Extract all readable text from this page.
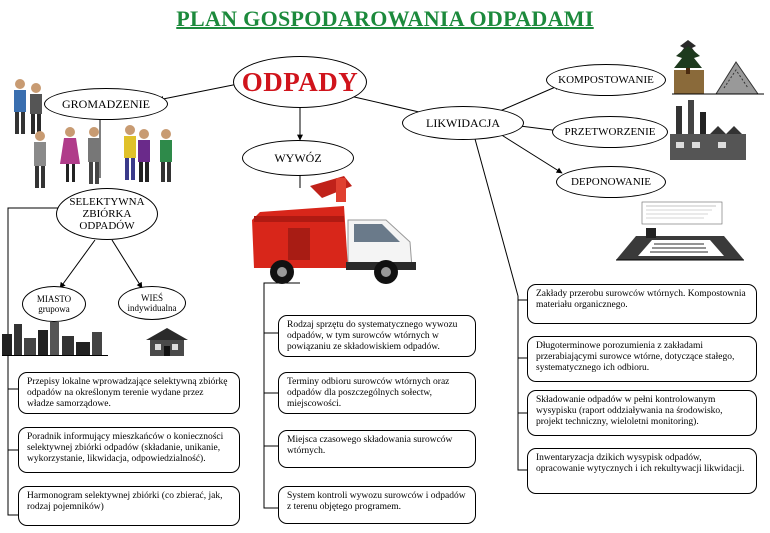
PLAN GOSPODAROWANIA ODPADAMI
ODPADY
GROMADZENIE
LIKWIDACJA
WYWÓZ
KOMPOSTOWANIE
PRZETWORZENIE
DEPONOWANIE
SELEKTYWNA
ZBIÓRKA
ODPADÓW
MIASTO
grupowa
WIEŚ
indywidualna
Przepisy lokalne wprowadzające selektywną zbiórkę odpadów na określonym terenie wydane przez władze samorządowe.
Poradnik informujący mieszkańców o konieczności selektywnej zbiórki odpadów (składanie, unikanie, wykorzystanie, likwidacja, odpowiedzialność).
Harmonogram selektywnej zbiórki (co zbierać, jak, rodzaj pojemników)
Rodzaj sprzętu do systematycznego wywozu odpadów, w tym surowców wtórnych w powiązaniu ze składowiskiem odpadów.
Terminy odbioru surowców wtórnych oraz odpadów dla poszczególnych sołectw, miejscowości.
Miejsca czasowego składowania surowców wtórnych.
System kontroli wywozu surowców i odpadów z terenu objętego programem.
Zakłady przerobu surowców wtórnych. Kompostownia materiału organicznego.
Długoterminowe porozumienia z zakładami przerabiającymi surowce wtórne, dotyczące stałego, systematycznego ich odbioru.
Składowanie odpadów w pełni kontrolowanym wysypisku (raport oddziaływania na środowisko, projekt techniczny, wieloletni monitoring).
Inwentaryzacja dzikich wysypisk odpadów, opracowanie wytycznych i ich rekultywacji likwidacji.
